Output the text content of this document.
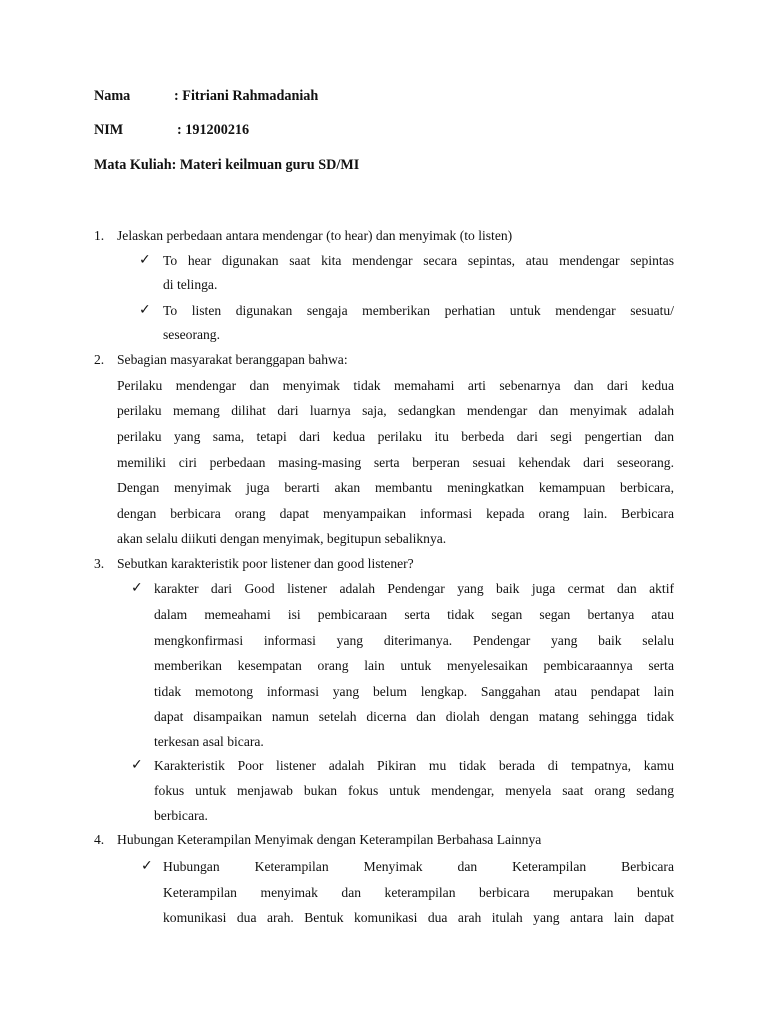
Nama	: Fitriani Rahmadaniah
NIM	: 191200216
Mata Kuliah: Materi keilmuan guru SD/MI
1. Jelaskan perbedaan antara mendengar (to hear) dan menyimak (to listen)
✓ To hear digunakan saat kita mendengar secara sepintas, atau mendengar sepintas
di telinga.
✓ To listen digunakan sengaja memberikan perhatian untuk mendengar sesuatu/
seseorang.
2. Sebagian masyarakat beranggapan bahwa:
Perilaku mendengar dan menyimak tidak memahami arti sebenarnya dan dari kedua
perilaku memang dilihat dari luarnya saja, sedangkan mendengar dan menyimak adalah
perilaku yang sama, tetapi dari kedua perilaku itu berbeda dari segi pengertian dan
memiliki ciri perbedaan masing-masing serta berperan sesuai kehendak dari seseorang.
Dengan menyimak juga berarti akan membantu meningkatkan kemampuan berbicara,
dengan berbicara orang dapat menyampaikan informasi kepada orang lain. Berbicara
akan selalu diikuti dengan menyimak, begitupun sebaliknya.
3. Sebutkan karakteristik poor listener dan good listener?
✓ karakter dari Good listener adalah Pendengar yang baik juga cermat dan aktif
dalam memeahami isi pembicaraan serta tidak segan segan bertanya atau
mengkonfirmasi informasi yang diterimanya. Pendengar yang baik selalu
memberikan kesempatan orang lain untuk menyelesaikan pembicaraannya serta
tidak memotong informasi yang belum lengkap. Sanggahan atau pendapat lain
dapat disampaikan namun setelah dicerna dan diolah dengan matang sehingga tidak
terkesan asal bicara.
✓ Karakteristik Poor listener adalah Pikiran mu tidak berada di tempatnya, kamu
fokus untuk menjawab bukan fokus untuk mendengar, menyela saat orang sedang
berbicara.
4. Hubungan Keterampilan Menyimak dengan Keterampilan Berbahasa Lainnya
✓ Hubungan Keterampilan Menyimak dan Keterampilan Berbicara
Keterampilan menyimak dan keterampilan berbicara merupakan bentuk
komunikasi dua arah. Bentuk komunikasi dua arah itulah yang antara lain dapat
